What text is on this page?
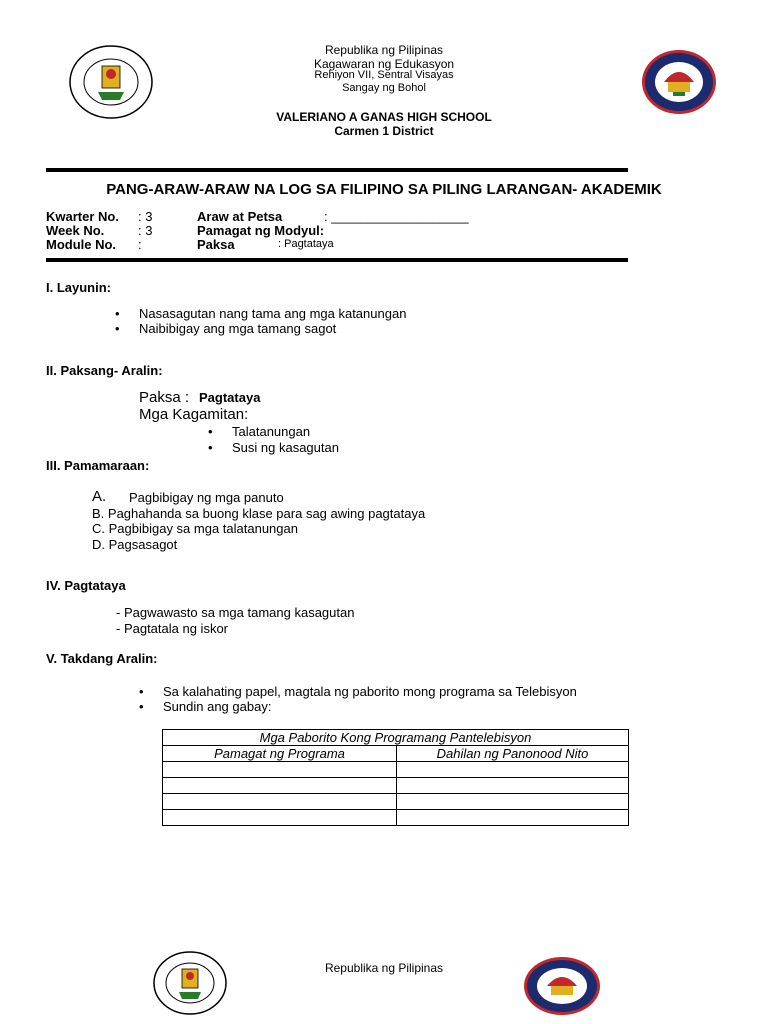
Republika ng Pilipinas
Kagawaran ng Edukasyon
Rehiyon VII, Sentral Visayas
Sangay ng Bohol
VALERIANO A GANAS HIGH SCHOOL
Carmen 1 District
PANG-ARAW-ARAW NA LOG SA FILIPINO SA PILING LARANGAN- AKADEMIK
Kwarter No. : 3
Week No.	: 3
Module No. :
Araw at Petsa	: ___________________
Pamagat ng Modyul:
Paksa	: Pagtataya
I. Layunin:
• Nasasagutan nang tama ang mga katanungan
• Naibibigay ang mga tamang sagot
II. Paksang- Aralin:
Paksa : Pagtataya
Mga Kagamitan:
• Talatanungan
• Susi ng kasagutan
III. Pamamaraan:
A. Pagbibigay ng mga panuto
B. Paghahanda sa buong klase para sag awing pagtataya
C. Pagbibigay sa mga talatanungan
D. Pagsasagot
IV. Pagtataya
- Pagwawasto sa mga tamang kasagutan
- Pagtatala ng iskor
V. Takdang Aralin:
• Sa kalahating papel, magtala ng paborito mong programa sa Telebisyon
• Sundin ang gabay:
Mga Paborito Kong Programang Pantelebisyon	
Pamagat ng Programa	Dahilan ng Panonood Nito

Republika ng Pilipinas
